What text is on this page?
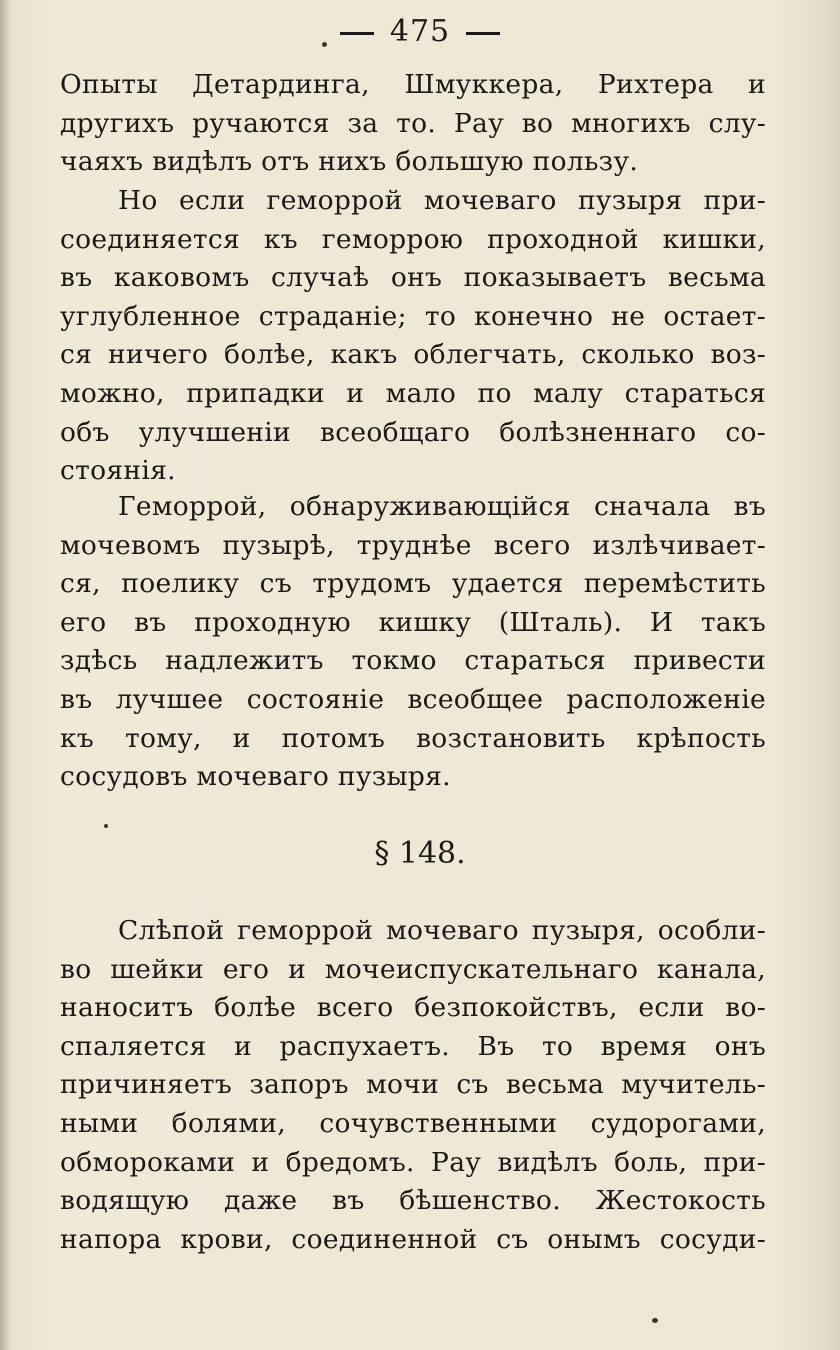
475
Опыты Детардинга, Шмуккера, Рихтера и
другихъ ручаются за то. Рау во многихъ слу-
чаяхъ видѣлъ отъ нихъ большую пользу.
Но если геморрой мочеваго пузыря при-
соединяется къ геморрою проходной кишки,
въ каковомъ случаѣ онъ показываетъ весьма
углубленное страданіе; то конечно не остает-
ся ничего болѣе, какъ облегчать, сколько воз-
можно, припадки и мало по малу стараться
объ улучшеніи всеобщаго болѣзненнаго со-
стоянія.
Геморрой, обнаруживающійся сначала въ
мочевомъ пузырѣ, труднѣе всего излѣчивает-
ся, поелику съ трудомъ удается перемѣстить
его въ проходную кишку (Шталь). И такъ
здѣсь надлежитъ токмо стараться привести
въ лучшее состояніе всеобщее расположеніе
къ тому, и потомъ возстановить крѣпость
сосудовъ мочеваго пузыря.
§ 148.
Слѣпой геморрой мочеваго пузыря, особли-
во шейки его и мочеиспускательнаго канала,
наноситъ болѣе всего безпокойствъ, если во-
спаляется и распухаетъ. Въ то время онъ
причиняетъ запоръ мочи съ весьма мучитель-
ными болями, сочувственными судорогами,
обмороками и бредомъ. Рау видѣлъ боль, при-
водящую даже въ бѣшенство. Жестокость
напора крови, соединенной съ онымъ сосуди-
